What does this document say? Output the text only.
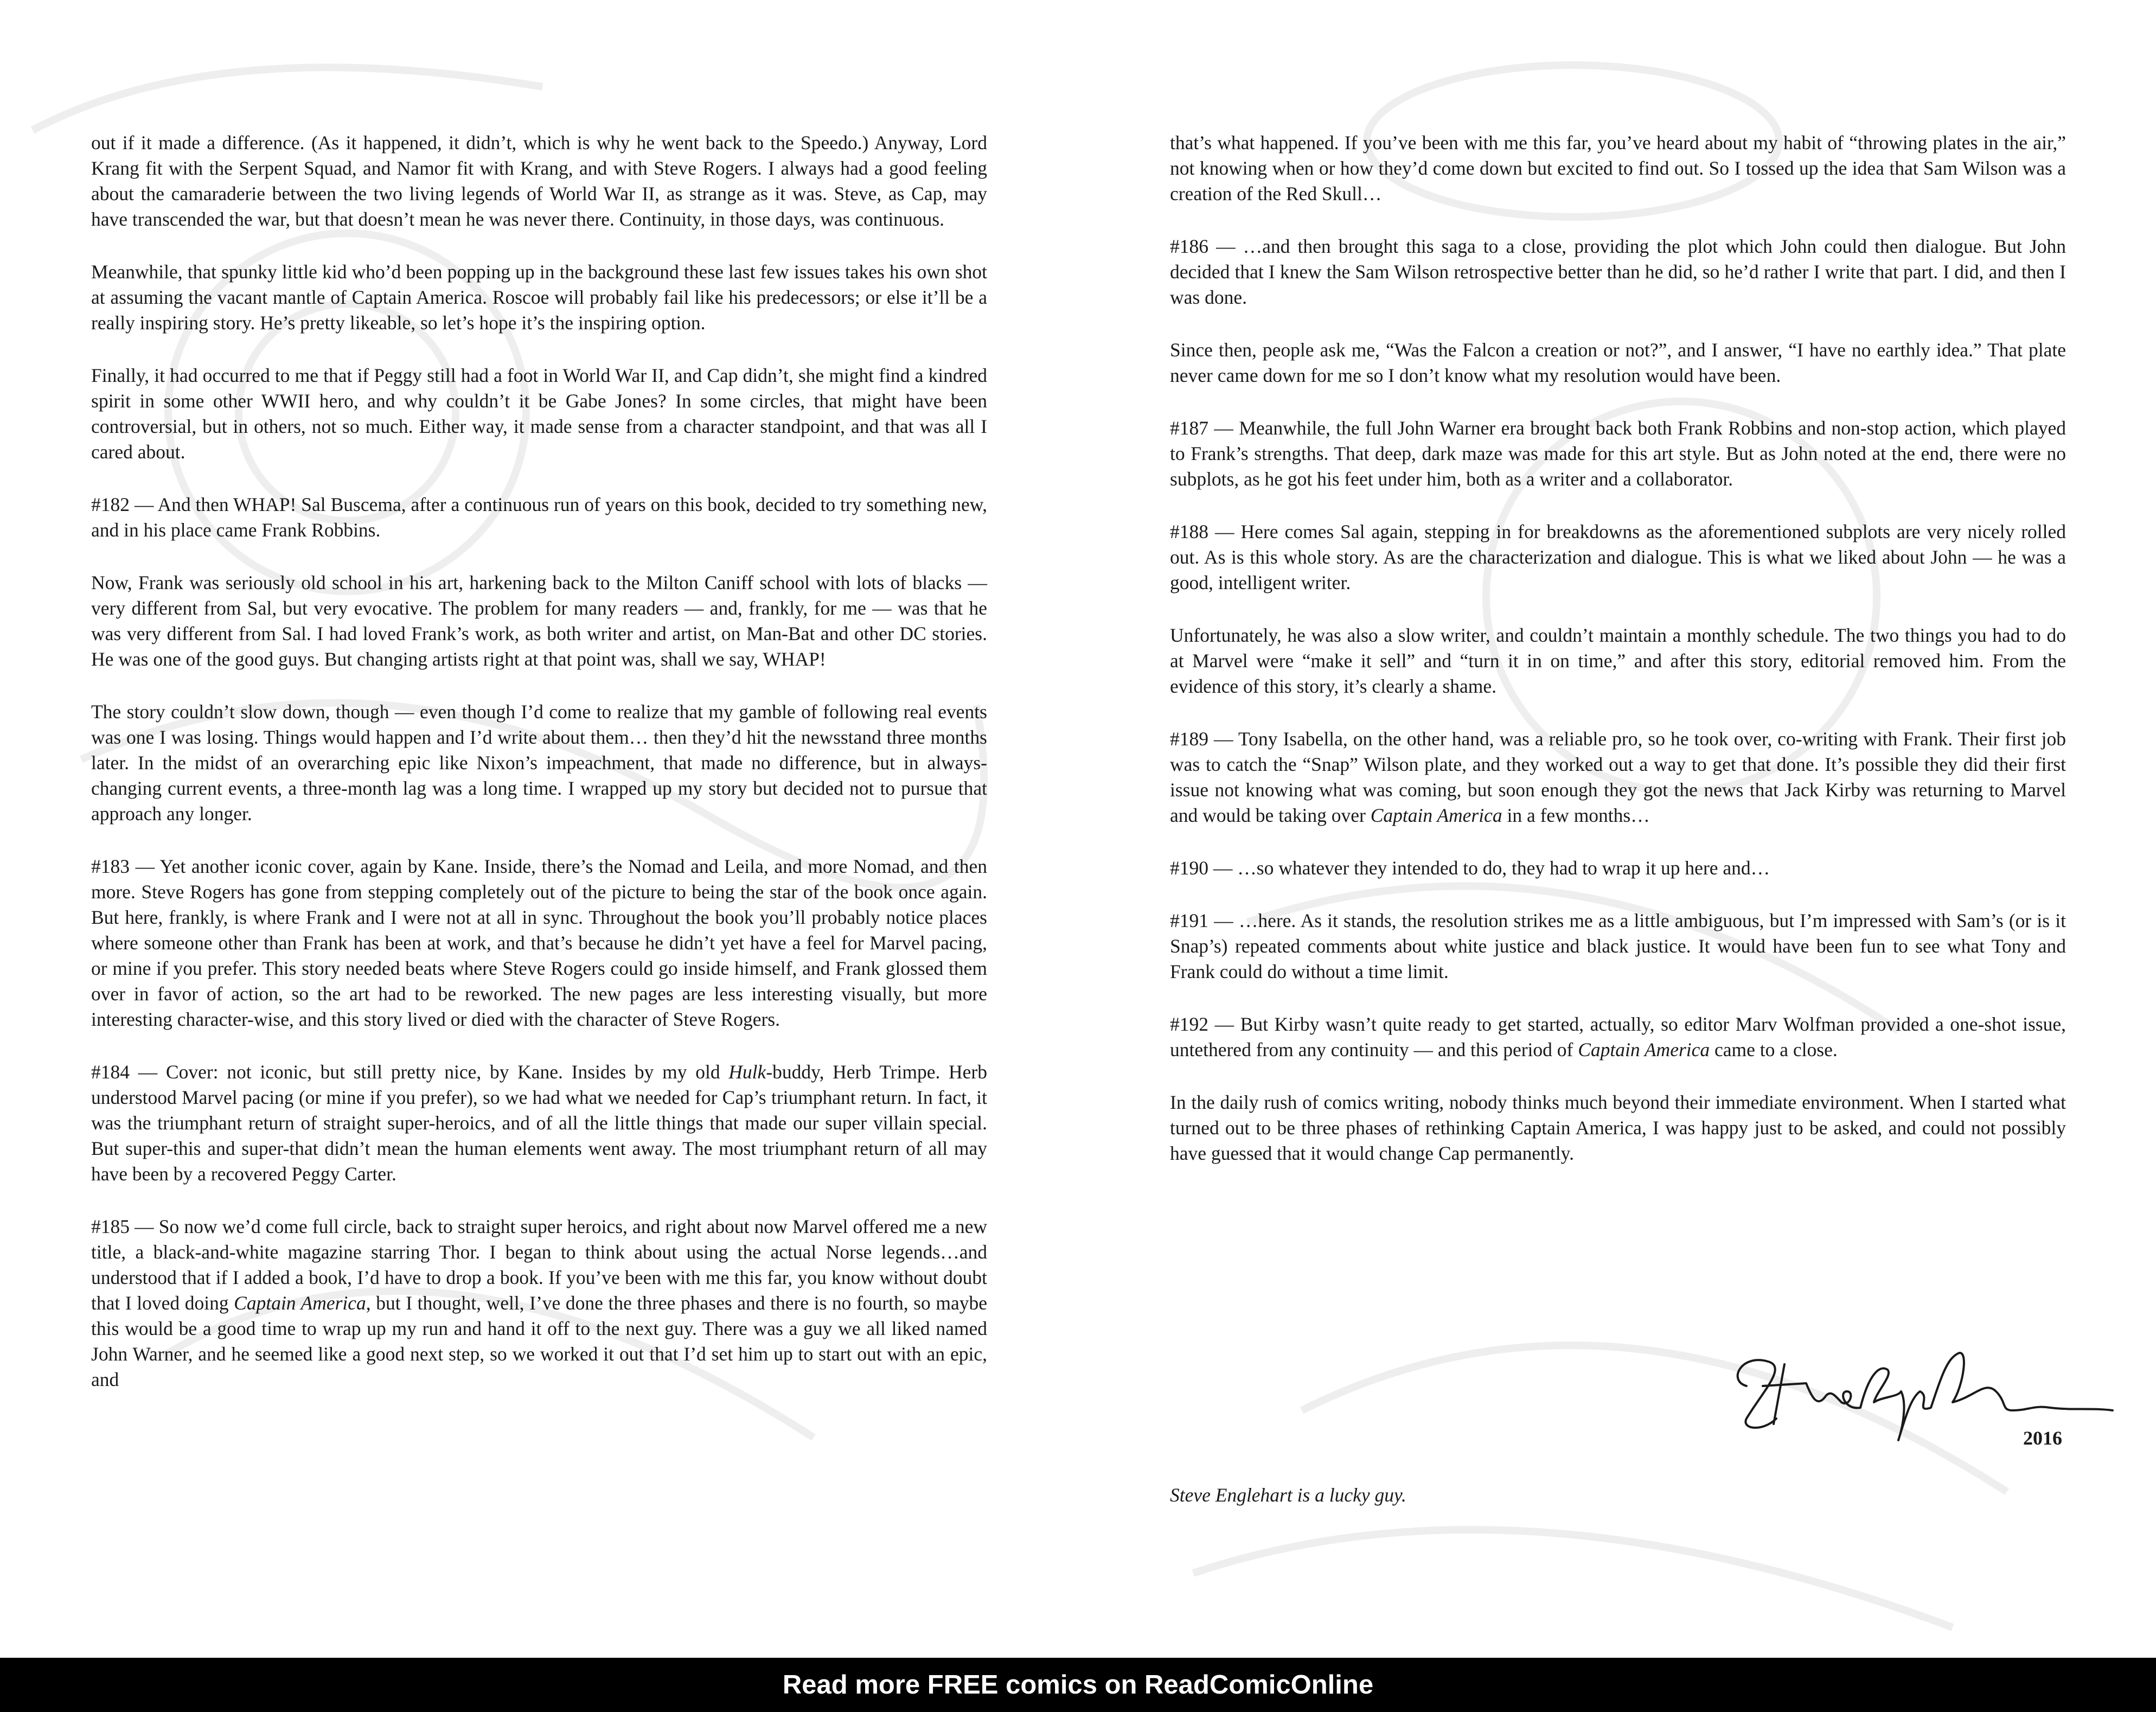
out if it made a difference. (As it happened, it didn’t, which is why he went back to the Speedo.) Anyway, Lord Krang fit with the Serpent Squad, and Namor fit with Krang, and with Steve Rogers. I always had a good feeling about the camaraderie between the two living legends of World War II, as strange as it was. Steve, as Cap, may have transcended the war, but that doesn’t mean he was never there. Continuity, in those days, was continuous.

Meanwhile, that spunky little kid who’d been popping up in the background these last few issues takes his own shot at assuming the vacant mantle of Captain America. Roscoe will probably fail like his predecessors; or else it’ll be a really inspiring story. He’s pretty likeable, so let’s hope it’s the inspiring option.

Finally, it had occurred to me that if Peggy still had a foot in World War II, and Cap didn’t, she might find a kindred spirit in some other WWII hero, and why couldn’t it be Gabe Jones? In some circles, that might have been controversial, but in others, not so much. Either way, it made sense from a character standpoint, and that was all I cared about.

#182 — And then WHAP! Sal Buscema, after a continuous run of years on this book, decided to try something new, and in his place came Frank Robbins.

Now, Frank was seriously old school in his art, harkening back to the Milton Caniff school with lots of blacks — very different from Sal, but very evocative. The problem for many readers — and, frankly, for me — was that he was very different from Sal. I had loved Frank’s work, as both writer and artist, on Man-Bat and other DC stories. He was one of the good guys. But changing artists right at that point was, shall we say, WHAP!

The story couldn’t slow down, though — even though I’d come to realize that my gamble of following real events was one I was losing. Things would happen and I’d write about them… then they’d hit the newsstand three months later. In the midst of an overarching epic like Nixon’s impeachment, that made no difference, but in always-changing current events, a three-month lag was a long time. I wrapped up my story but decided not to pursue that approach any longer.

#183 — Yet another iconic cover, again by Kane. Inside, there’s the Nomad and Leila, and more Nomad, and then more. Steve Rogers has gone from stepping completely out of the picture to being the star of the book once again. But here, frankly, is where Frank and I were not at all in sync. Throughout the book you’ll probably notice places where someone other than Frank has been at work, and that’s because he didn’t yet have a feel for Marvel pacing, or mine if you prefer. This story needed beats where Steve Rogers could go inside himself, and Frank glossed them over in favor of action, so the art had to be reworked. The new pages are less interesting visually, but more interesting character-wise, and this story lived or died with the character of Steve Rogers.

#184 — Cover: not iconic, but still pretty nice, by Kane. Insides by my old Hulk-buddy, Herb Trimpe. Herb understood Marvel pacing (or mine if you prefer), so we had what we needed for Cap’s triumphant return. In fact, it was the triumphant return of straight super-heroics, and of all the little things that made our super villain special. But super-this and super-that didn’t mean the human elements went away. The most triumphant return of all may have been by a recovered Peggy Carter.

#185 — So now we’d come full circle, back to straight super heroics, and right about now Marvel offered me a new title, a black-and-white magazine starring Thor. I began to think about using the actual Norse legends…and understood that if I added a book, I’d have to drop a book. If you’ve been with me this far, you know without doubt that I loved doing Captain America, but I thought, well, I’ve done the three phases and there is no fourth, so maybe this would be a good time to wrap up my run and hand it off to the next guy. There was a guy we all liked named John Warner, and he seemed like a good next step, so we worked it out that I’d set him up to start out with an epic, and

that’s what happened. If you’ve been with me this far, you’ve heard about my habit of “throwing plates in the air,” not knowing when or how they’d come down but excited to find out. So I tossed up the idea that Sam Wilson was a creation of the Red Skull…

#186 — …and then brought this saga to a close, providing the plot which John could then dialogue. But John decided that I knew the Sam Wilson retrospective better than he did, so he’d rather I write that part. I did, and then I was done.

Since then, people ask me, “Was the Falcon a creation or not?”, and I answer, “I have no earthly idea.” That plate never came down for me so I don’t know what my resolution would have been.

#187 — Meanwhile, the full John Warner era brought back both Frank Robbins and non-stop action, which played to Frank’s strengths. That deep, dark maze was made for this art style. But as John noted at the end, there were no subplots, as he got his feet under him, both as a writer and a collaborator.

#188 — Here comes Sal again, stepping in for breakdowns as the aforementioned subplots are very nicely rolled out. As is this whole story. As are the characterization and dialogue. This is what we liked about John — he was a good, intelligent writer.

Unfortunately, he was also a slow writer, and couldn’t maintain a monthly schedule. The two things you had to do at Marvel were “make it sell” and “turn it in on time,” and after this story, editorial removed him. From the evidence of this story, it’s clearly a shame.

#189 — Tony Isabella, on the other hand, was a reliable pro, so he took over, co-writing with Frank. Their first job was to catch the “Snap” Wilson plate, and they worked out a way to get that done. It’s possible they did their first issue not knowing what was coming, but soon enough they got the news that Jack Kirby was returning to Marvel and would be taking over Captain America in a few months…

#190 — …so whatever they intended to do, they had to wrap it up here and…

#191 — …here. As it stands, the resolution strikes me as a little ambiguous, but I’m impressed with Sam’s (or is it Snap’s) repeated comments about white justice and black justice. It would have been fun to see what Tony and Frank could do without a time limit.

#192 — But Kirby wasn’t quite ready to get started, actually, so editor Marv Wolfman provided a one-shot issue, untethered from any continuity — and this period of Captain America came to a close.

In the daily rush of comics writing, nobody thinks much beyond their immediate environment. When I started what turned out to be three phases of rethinking Captain America, I was happy just to be asked, and could not possibly have guessed that it would change Cap permanently.

2016
Steve Englehart is a lucky guy.
Read more FREE comics on ReadComicOnline
